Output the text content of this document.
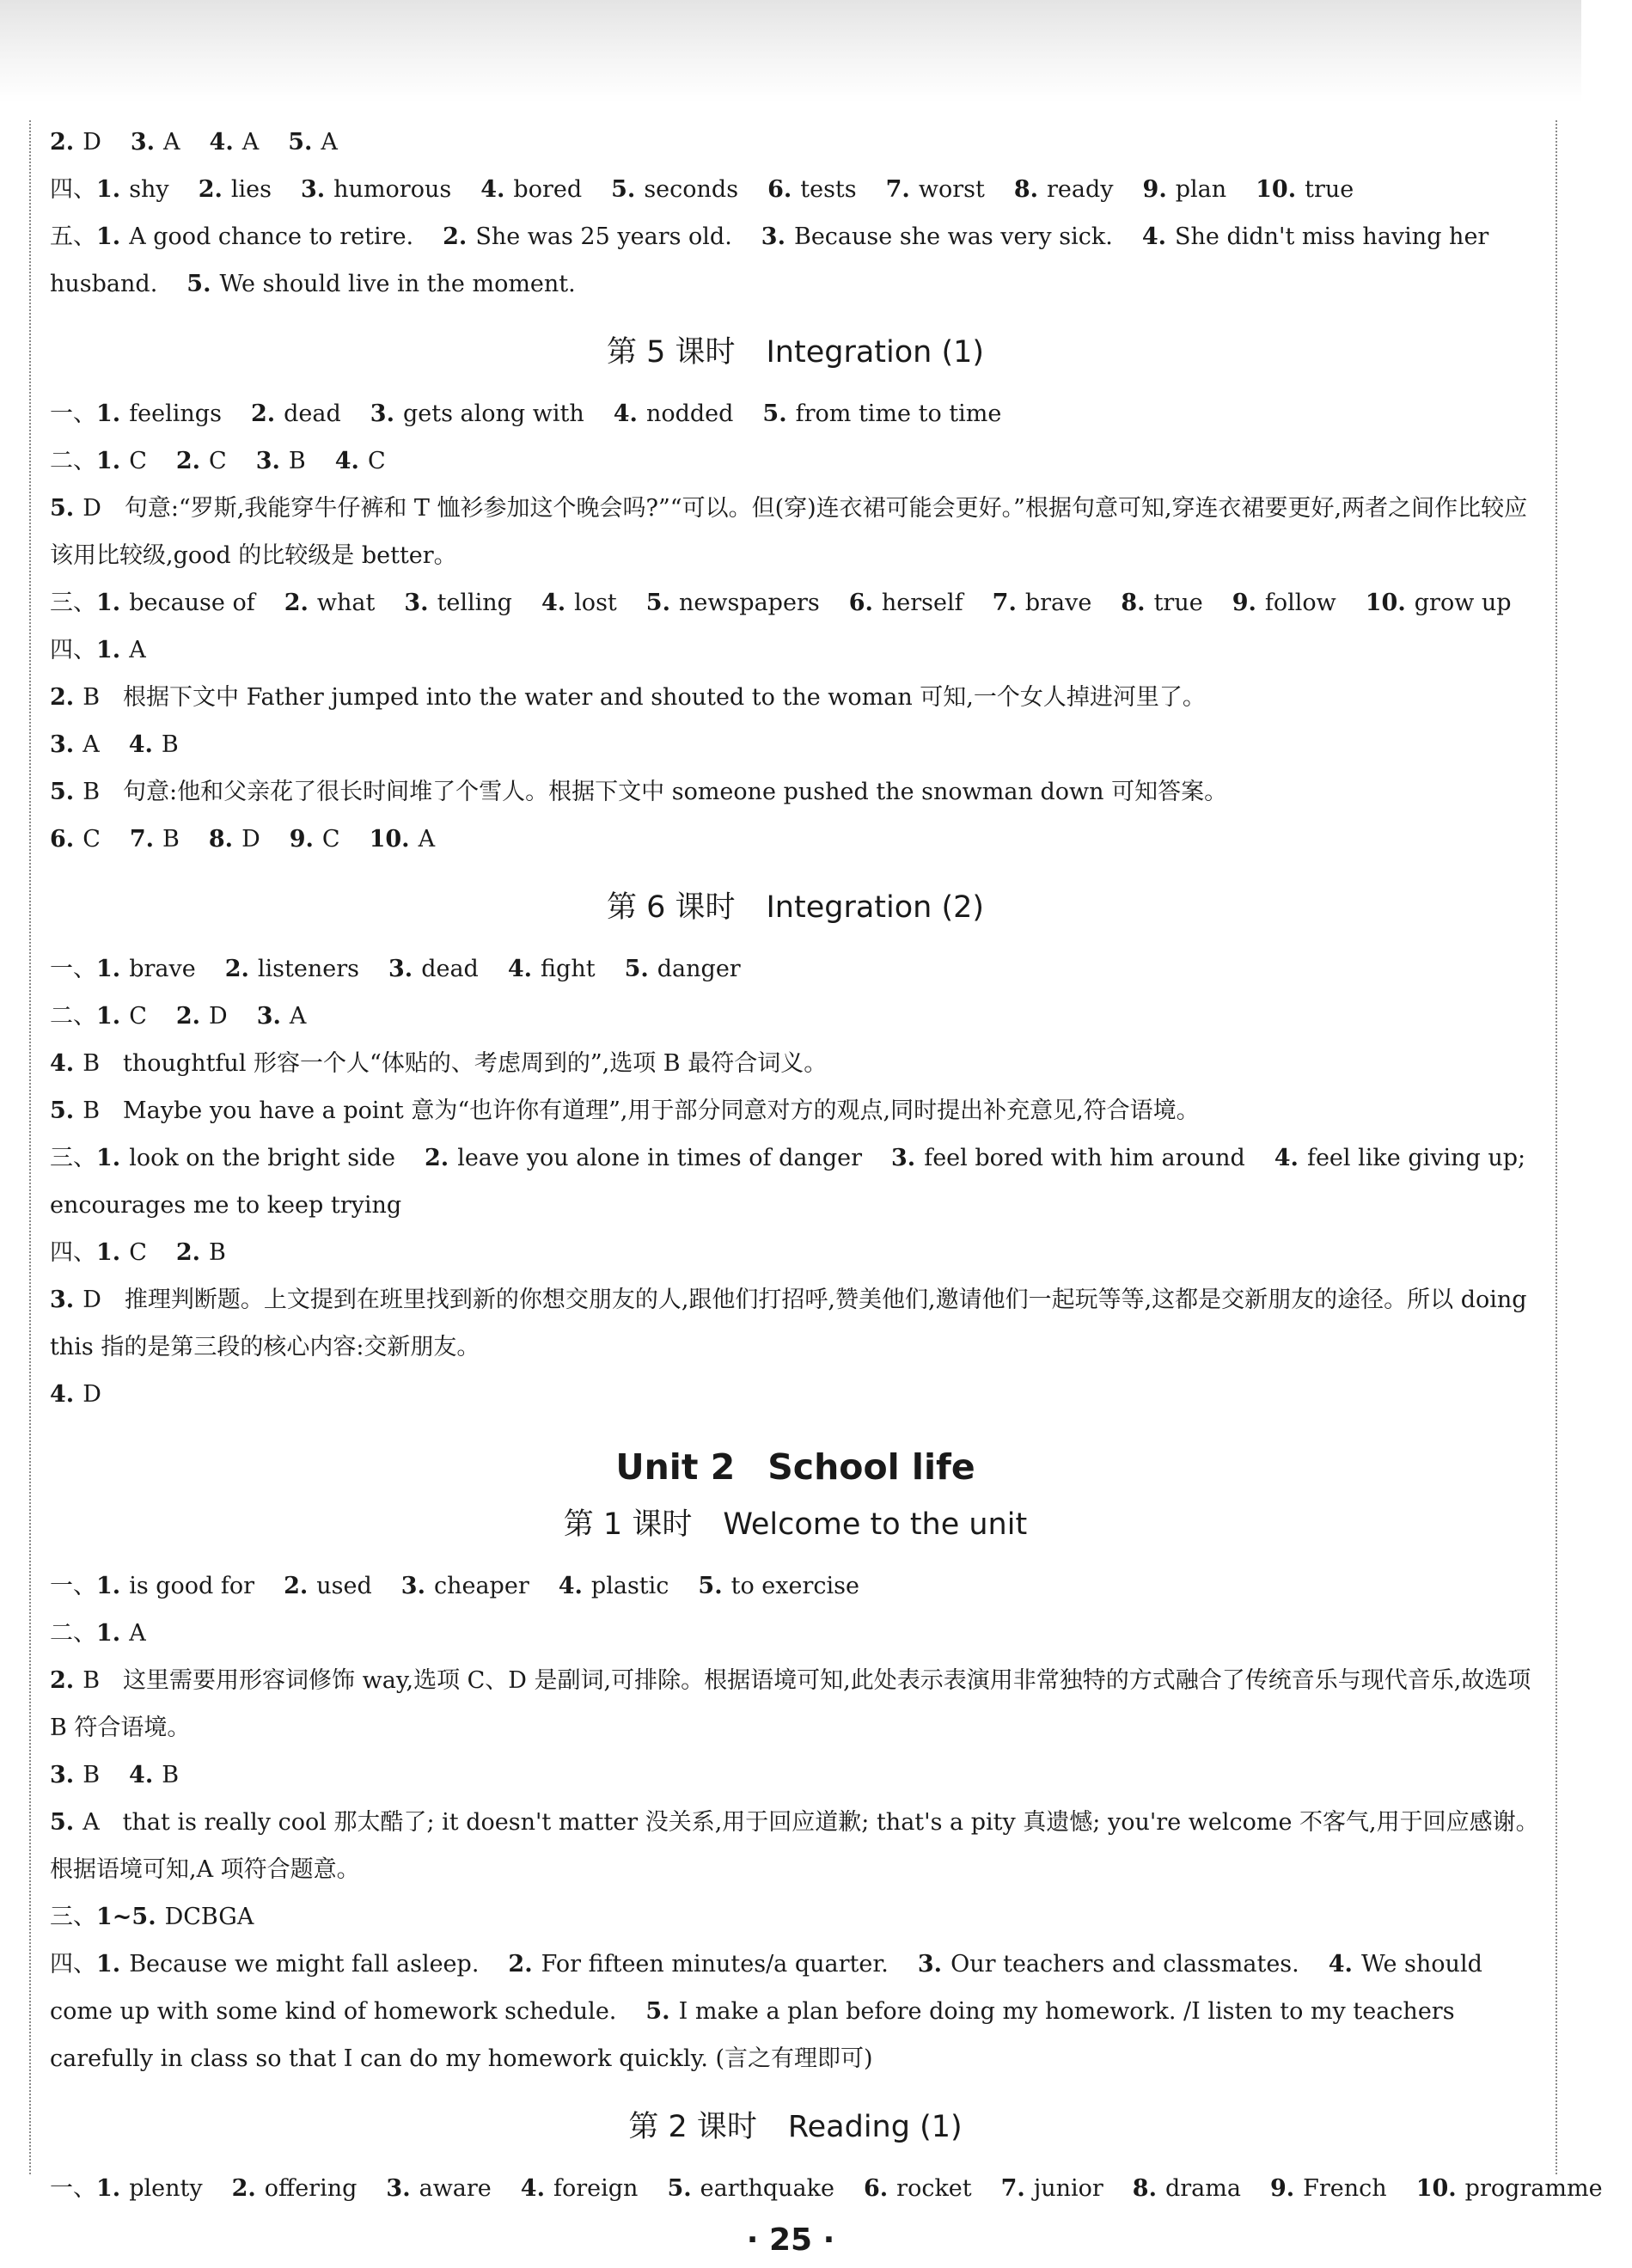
2. D 3. A 4. A 5. A
四、1. shy 2. lies 3. humorous 4. bored 5. seconds 6. tests 7. worst 8. ready 9. plan 10. true
五、1. A good chance to retire. 2. She was 25 years old. 3. Because she was very sick. 4. She didn't miss having her husband. 5. We should live in the moment.
第 5 课时 Integration (1)
一、1. feelings 2. dead 3. gets along with 4. nodded 5. from time to time
二、1. C 2. C 3. B 4. C
5. D　句意:“罗斯,我能穿牛仔裤和 T 恤衫参加这个晚会吗?”“可以。但(穿)连衣裙可能会更好。”根据句意可知,穿连衣裙要更好,两者之间作比较应该用比较级,good 的比较级是 better。
三、1. because of 2. what 3. telling 4. lost 5. newspapers 6. herself 7. brave 8. true 9. follow 10. grow up
四、1. A
2. B　根据下文中 Father jumped into the water and shouted to the woman 可知,一个女人掉进河里了。
3. A 4. B
5. B　句意:他和父亲花了很长时间堆了个雪人。根据下文中 someone pushed the snowman down 可知答案。
6. C 7. B 8. D 9. C 10. A
第 6 课时 Integration (2)
一、1. brave 2. listeners 3. dead 4. fight 5. danger
二、1. C 2. D 3. A
4. B　thoughtful 形容一个人“体贴的、考虑周到的”,选项 B 最符合词义。
5. B　Maybe you have a point 意为“也许你有道理”,用于部分同意对方的观点,同时提出补充意见,符合语境。
三、1. look on the bright side 2. leave you alone in times of danger 3. feel bored with him around 4. feel like giving up; encourages me to keep trying
四、1. C 2. B
3. D　推理判断题。上文提到在班里找到新的你想交朋友的人,跟他们打招呼,赞美他们,邀请他们一起玩等等,这都是交新朋友的途径。所以 doing this 指的是第三段的核心内容:交新朋友。
4. D
Unit 2 School life
第 1 课时 Welcome to the unit
一、1. is good for 2. used 3. cheaper 4. plastic 5. to exercise
二、1. A
2. B　这里需要用形容词修饰 way,选项 C、D 是副词,可排除。根据语境可知,此处表示表演用非常独特的方式融合了传统音乐与现代音乐,故选项 B 符合语境。
3. B 4. B
5. A　that is really cool 那太酷了; it doesn't matter 没关系,用于回应道歉; that's a pity 真遗憾; you're welcome 不客气,用于回应感谢。根据语境可知,A 项符合题意。
三、1~5. DCBGA
四、1. Because we might fall asleep. 2. For fifteen minutes/a quarter. 3. Our teachers and classmates. 4. We should come up with some kind of homework schedule. 5. I make a plan before doing my homework. /I listen to my teachers carefully in class so that I can do my homework quickly. (言之有理即可)
第 2 课时 Reading (1)
一、1. plenty 2. offering 3. aware 4. foreign 5. earthquake 6. rocket 7. junior 8. drama 9. French 10. programme
· 25 ·
